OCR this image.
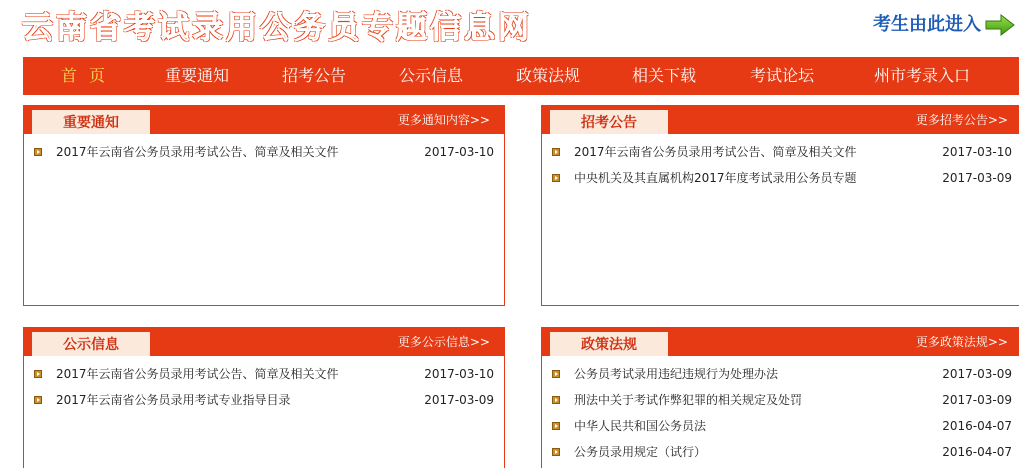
云南省考试录用公务员专题信息网	考生由此进入
首页	重要通知	招考公告	公示信息	政策法规	相关下载	考试论坛	州市考录入口
重要通知	更多通知内容>>
2017年云南省公务员录用考试公告、简章及相关文件	2017-03-10
招考公告	更多招考公告>>
2017年云南省公务员录用考试公告、简章及相关文件	2017-03-10
中央机关及其直属机构2017年度考试录用公务员专题	2017-03-09
公示信息	更多公示信息>>
2017年云南省公务员录用考试公告、简章及相关文件	2017-03-10
2017年云南省公务员录用考试专业指导目录	2017-03-09
政策法规	更多政策法规>>
公务员考试录用违纪违规行为处理办法	2017-03-09
刑法中关于考试作弊犯罪的相关规定及处罚	2017-03-09
中华人民共和国公务员法	2016-04-07
公务员录用规定（试行）	2016-04-07
